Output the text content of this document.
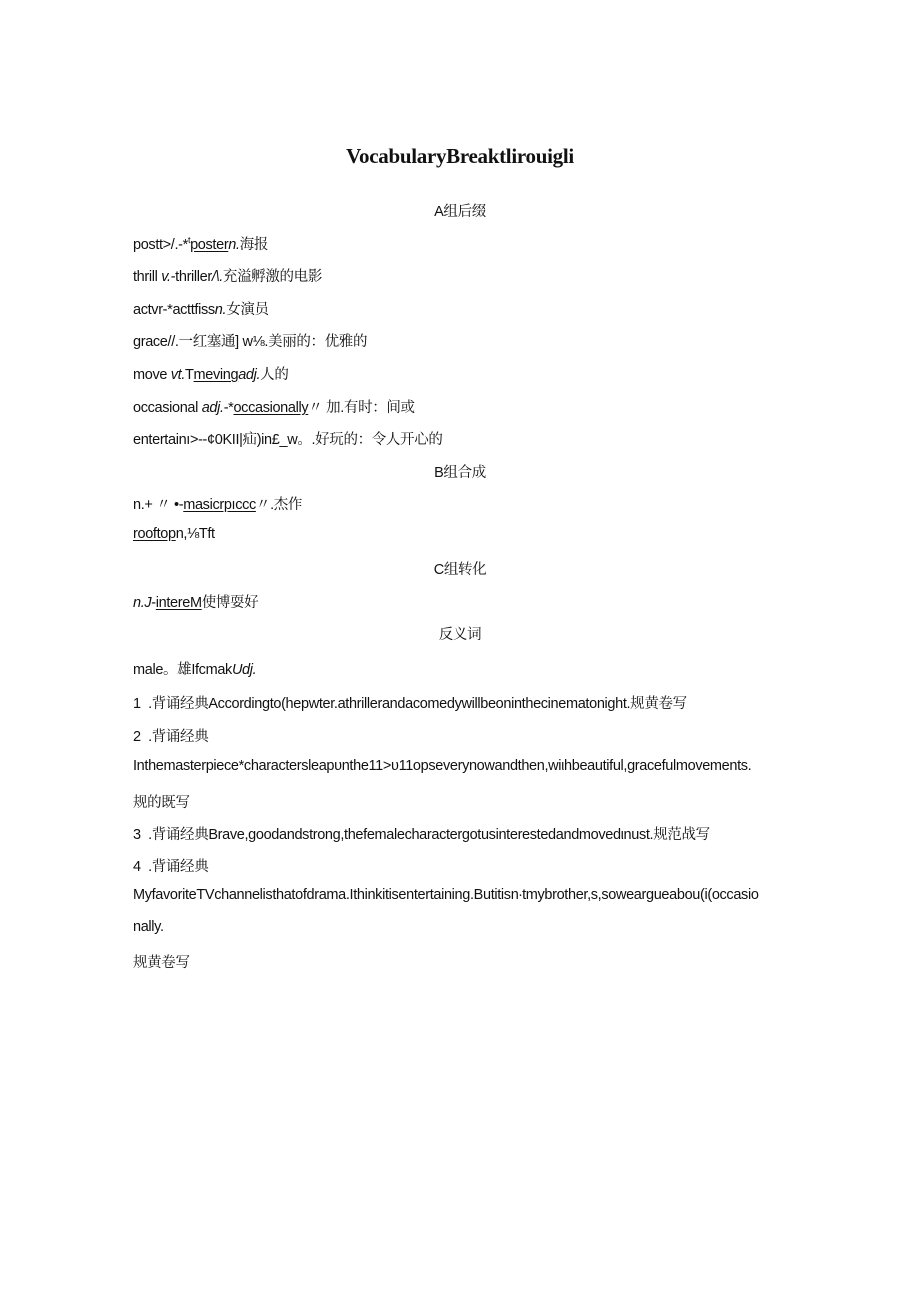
VocabularyBreaktlirouigli
A组后缀
postt>/.-*$^t$postern.海报
thrill v.-thriller/\.充溢孵激的电影
actvr-*acttfissn.女演员
grace//.一红塞通] w⅛.美丽的：优雅的
move vt.Tmevingadj.人的
occasional adj.-*occasionally〃 加.有时：间或
entertainı>--¢0KII|疝)in£_w。.好玩的：令人开心的
B组合成
n.+ 〃 •-masicrpıccc〃.杰作
rooftopn,⅛Tft
C组转化
n.J-intereM使博耍好
反义词
male。雄IfcmakUdj.
1 .背诵经典Accordingto(hepwter.athrillerandacomedywillbeoninthecinematonight.规黄卷写
2 .背诵经典
Inthemasterpiece*charactersleapυnthe11>υ11opseverynowandthen,wiιhbeautiful,gracefulmovements.
规的既写
3 .背诵经典Brave,goodandstrong,thefemalecharactergotusinterestedandmovedιnust.规范战写
4 .背诵经典
MyfavoriteTVchannelisthatofdrama.Ithinkitisentertaining.Butitisn∙tmybrother,s,soweargueabou(i(occasio
nally.
规黄卷写
